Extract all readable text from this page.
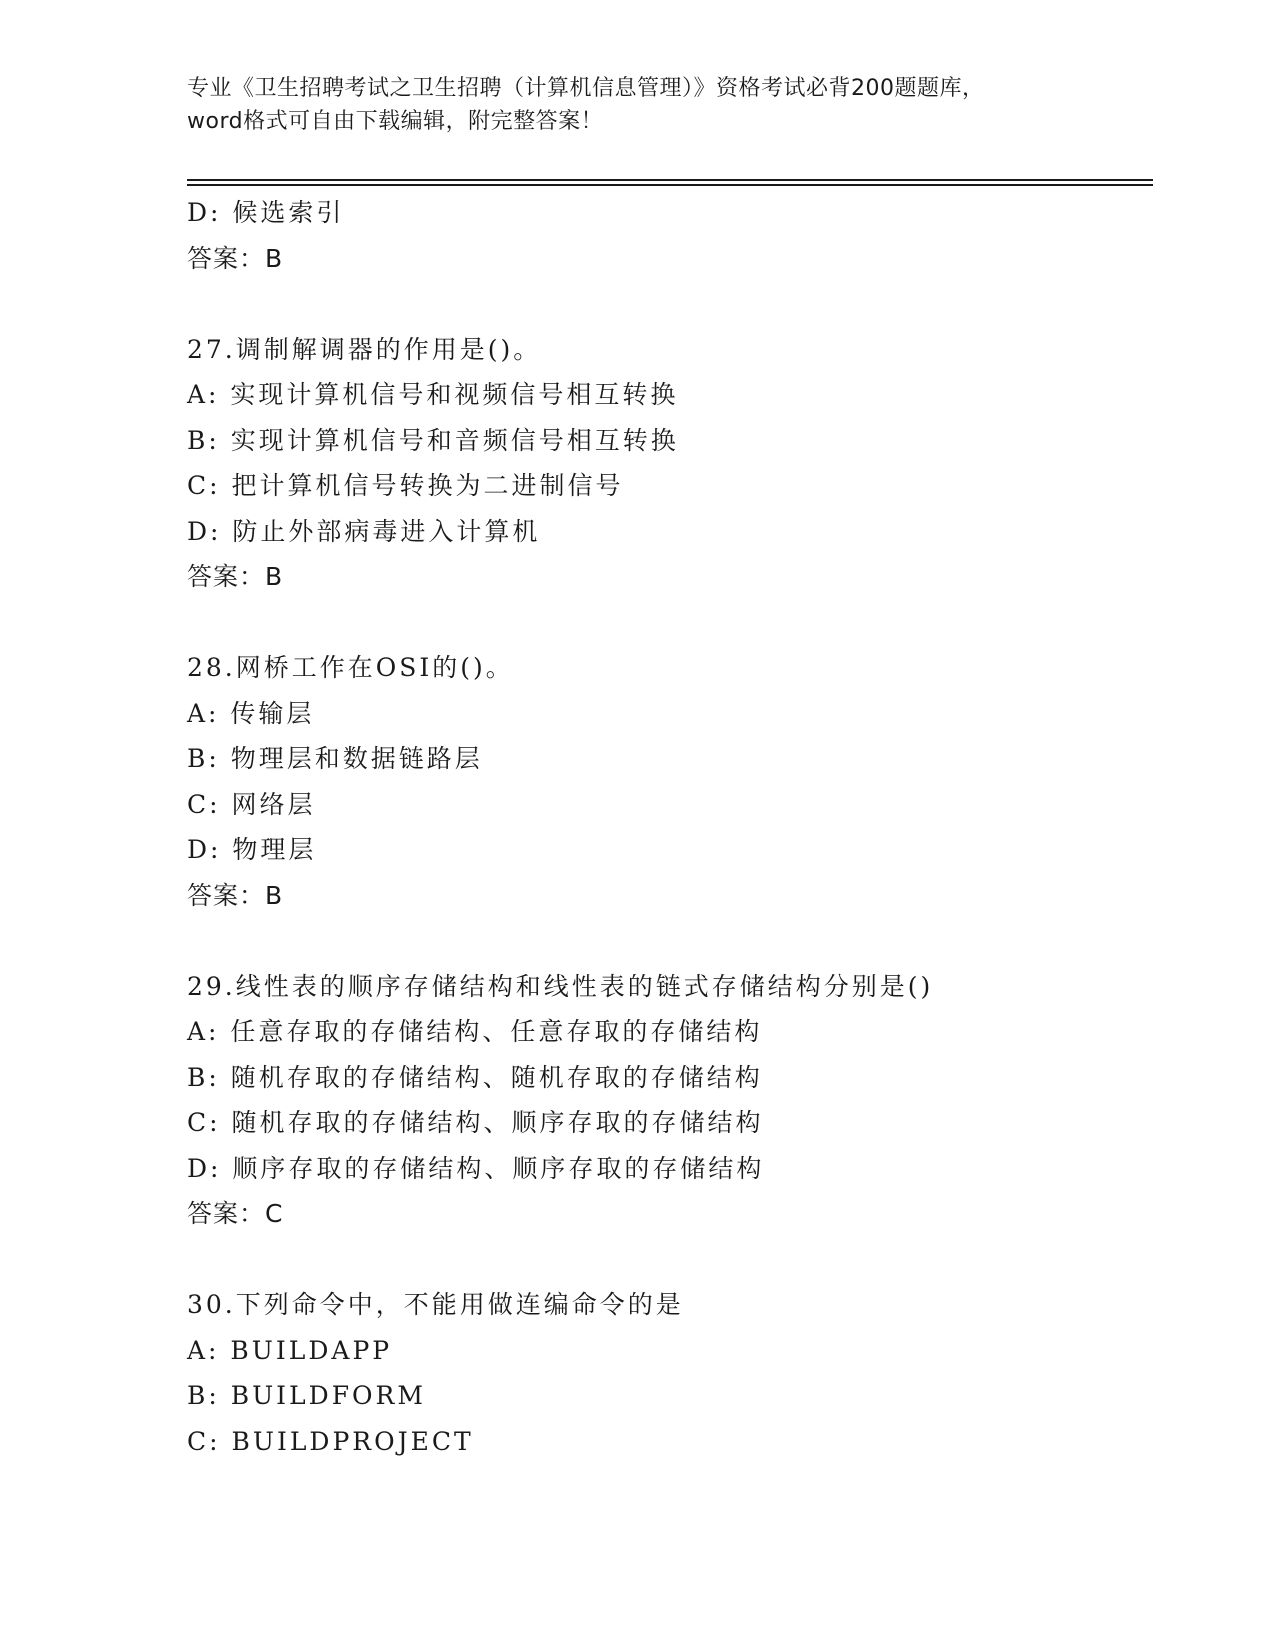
专业《卫生招聘考试之卫生招聘（计算机信息管理）》资格考试必背200题题库，
word格式可自由下载编辑，附完整答案！
D: 候选索引
答案：B
27.调制解调器的作用是()。
A: 实现计算机信号和视频信号相互转换
B: 实现计算机信号和音频信号相互转换
C: 把计算机信号转换为二进制信号
D: 防止外部病毒进入计算机
答案：B
28.网桥工作在OSI的()。
A: 传输层
B: 物理层和数据链路层
C: 网络层
D: 物理层
答案：B
29.线性表的顺序存储结构和线性表的链式存储结构分别是()
A: 任意存取的存储结构、任意存取的存储结构
B: 随机存取的存储结构、随机存取的存储结构
C: 随机存取的存储结构、顺序存取的存储结构
D: 顺序存取的存储结构、顺序存取的存储结构
答案：C
30.下列命令中，不能用做连编命令的是
A: BUILDAPP
B: BUILDFORM
C: BUILDPROJECT
